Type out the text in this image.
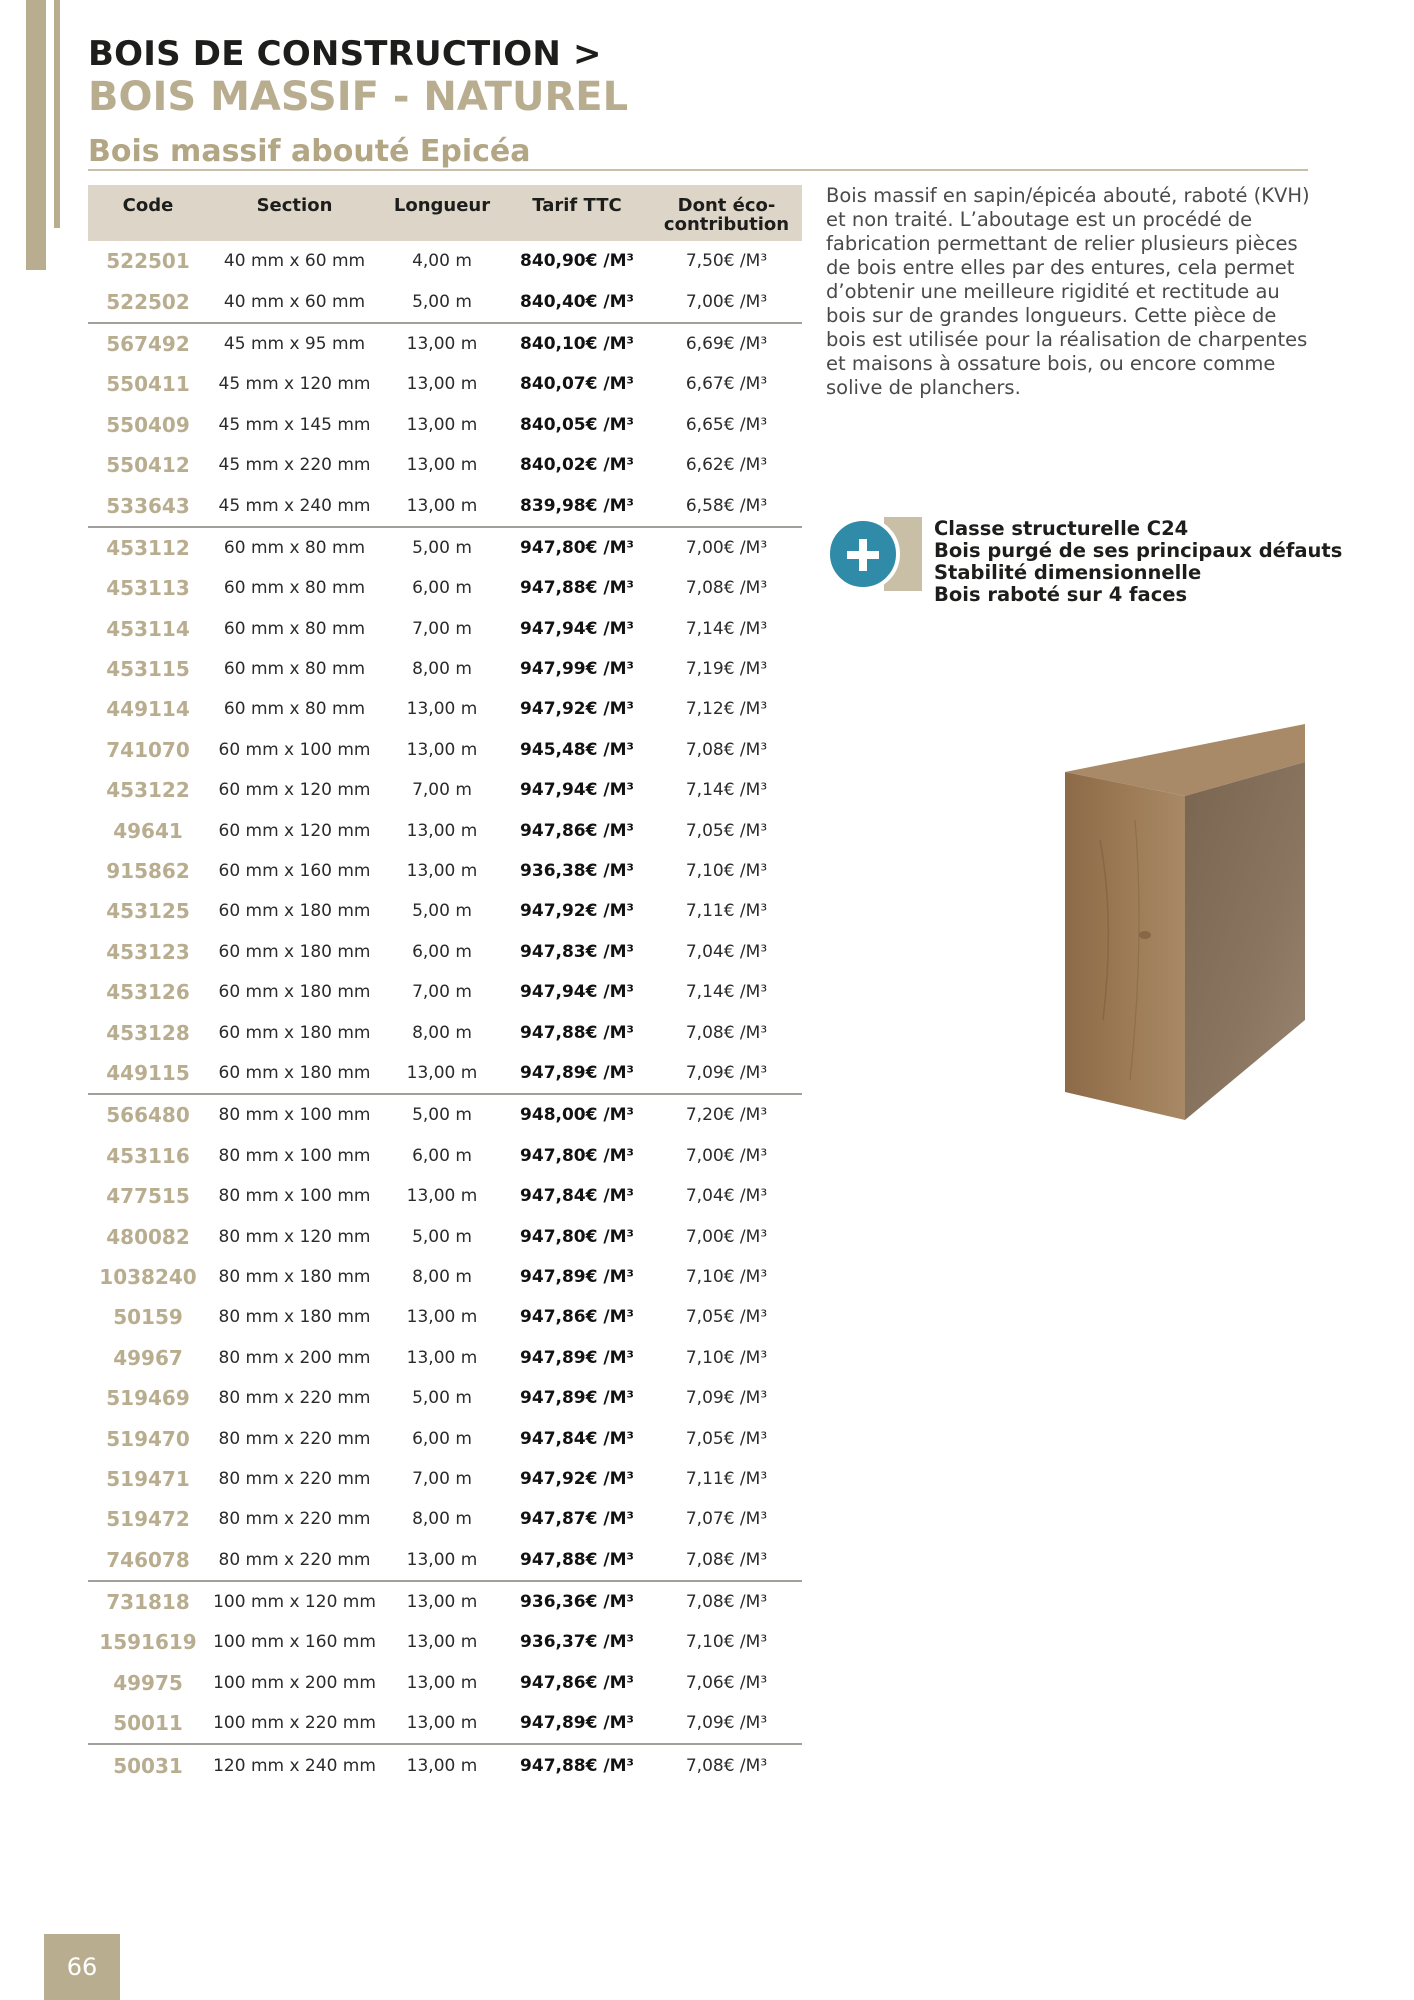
BOIS DE CONSTRUCTION >
BOIS MASSIF - NATUREL
Bois massif abouté Epicéa
Code	Section	Longueur	Tarif TTC	Dont éco-
contribution
522501	40 mm x 60 mm	4,00 m	840,90€ /M³	7,50€ /M³
522502	40 mm x 60 mm	5,00 m	840,40€ /M³	7,00€ /M³
567492	45 mm x 95 mm	13,00 m	840,10€ /M³	6,69€ /M³
550411	45 mm x 120 mm	13,00 m	840,07€ /M³	6,67€ /M³
550409	45 mm x 145 mm	13,00 m	840,05€ /M³	6,65€ /M³
550412	45 mm x 220 mm	13,00 m	840,02€ /M³	6,62€ /M³
533643	45 mm x 240 mm	13,00 m	839,98€ /M³	6,58€ /M³
453112	60 mm x 80 mm	5,00 m	947,80€ /M³	7,00€ /M³
453113	60 mm x 80 mm	6,00 m	947,88€ /M³	7,08€ /M³
453114	60 mm x 80 mm	7,00 m	947,94€ /M³	7,14€ /M³
453115	60 mm x 80 mm	8,00 m	947,99€ /M³	7,19€ /M³
449114	60 mm x 80 mm	13,00 m	947,92€ /M³	7,12€ /M³
741070	60 mm x 100 mm	13,00 m	945,48€ /M³	7,08€ /M³
453122	60 mm x 120 mm	7,00 m	947,94€ /M³	7,14€ /M³
49641	60 mm x 120 mm	13,00 m	947,86€ /M³	7,05€ /M³
915862	60 mm x 160 mm	13,00 m	936,38€ /M³	7,10€ /M³
453125	60 mm x 180 mm	5,00 m	947,92€ /M³	7,11€ /M³
453123	60 mm x 180 mm	6,00 m	947,83€ /M³	7,04€ /M³
453126	60 mm x 180 mm	7,00 m	947,94€ /M³	7,14€ /M³
453128	60 mm x 180 mm	8,00 m	947,88€ /M³	7,08€ /M³
449115	60 mm x 180 mm	13,00 m	947,89€ /M³	7,09€ /M³
566480	80 mm x 100 mm	5,00 m	948,00€ /M³	7,20€ /M³
453116	80 mm x 100 mm	6,00 m	947,80€ /M³	7,00€ /M³
477515	80 mm x 100 mm	13,00 m	947,84€ /M³	7,04€ /M³
480082	80 mm x 120 mm	5,00 m	947,80€ /M³	7,00€ /M³
1038240	80 mm x 180 mm	8,00 m	947,89€ /M³	7,10€ /M³
50159	80 mm x 180 mm	13,00 m	947,86€ /M³	7,05€ /M³
49967	80 mm x 200 mm	13,00 m	947,89€ /M³	7,10€ /M³
519469	80 mm x 220 mm	5,00 m	947,89€ /M³	7,09€ /M³
519470	80 mm x 220 mm	6,00 m	947,84€ /M³	7,05€ /M³
519471	80 mm x 220 mm	7,00 m	947,92€ /M³	7,11€ /M³
519472	80 mm x 220 mm	8,00 m	947,87€ /M³	7,07€ /M³
746078	80 mm x 220 mm	13,00 m	947,88€ /M³	7,08€ /M³
731818	100 mm x 120 mm	13,00 m	936,36€ /M³	7,08€ /M³
1591619 100 mm x 160 mm	13,00 m	936,37€ /M³	7,10€ /M³
49975	100 mm x 200 mm	13,00 m	947,86€ /M³	7,06€ /M³
50011	100 mm x 220 mm	13,00 m	947,89€ /M³	7,09€ /M³
50031	120 mm x 240 mm	13,00 m	947,88€ /M³	7,08€ /M³

Bois massif en sapin/épicéa abouté, raboté (KVH) et non traité. L’aboutage est un procédé de fabrication permettant de relier plusieurs pièces de bois entre elles par des entures, cela permet d’obtenir une meilleure rigidité et rectitude au bois sur de grandes longueurs. Cette pièce de bois est utilisée pour la réalisation de charpentes et maisons à ossature bois, ou encore comme solive de planchers.

Classe structurelle C24
Bois purgé de ses principaux défauts
Stabilité dimensionnelle
Bois raboté sur 4 faces
66
